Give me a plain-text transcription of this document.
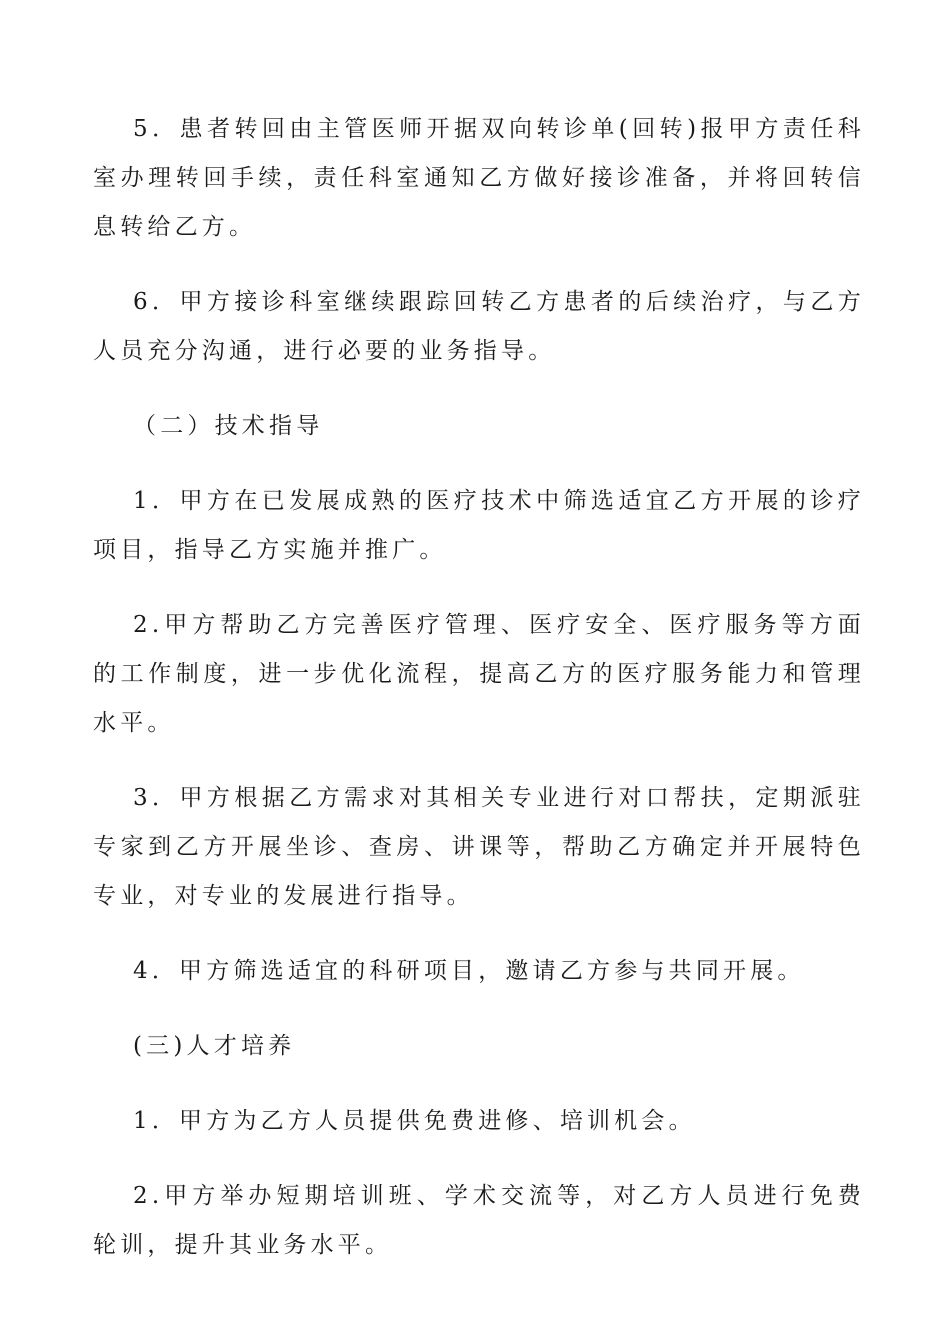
5．患者转回由主管医师开据双向转诊单(回转)报甲方责任科室办理转回手续，责任科室通知乙方做好接诊准备，并将回转信息转给乙方。

6．甲方接诊科室继续跟踪回转乙方患者的后续治疗，与乙方人员充分沟通，进行必要的业务指导。

（二）技术指导

1．甲方在已发展成熟的医疗技术中筛选适宜乙方开展的诊疗项目，指导乙方实施并推广。

2.甲方帮助乙方完善医疗管理、医疗安全、医疗服务等方面的工作制度，进一步优化流程，提高乙方的医疗服务能力和管理水平。

3．甲方根据乙方需求对其相关专业进行对口帮扶，定期派驻专家到乙方开展坐诊、查房、讲课等，帮助乙方确定并开展特色专业，对专业的发展进行指导。

4．甲方筛选适宜的科研项目，邀请乙方参与共同开展。

(三)人才培养

1．甲方为乙方人员提供免费进修、培训机会。

2.甲方举办短期培训班、学术交流等，对乙方人员进行免费轮训，提升其业务水平。
